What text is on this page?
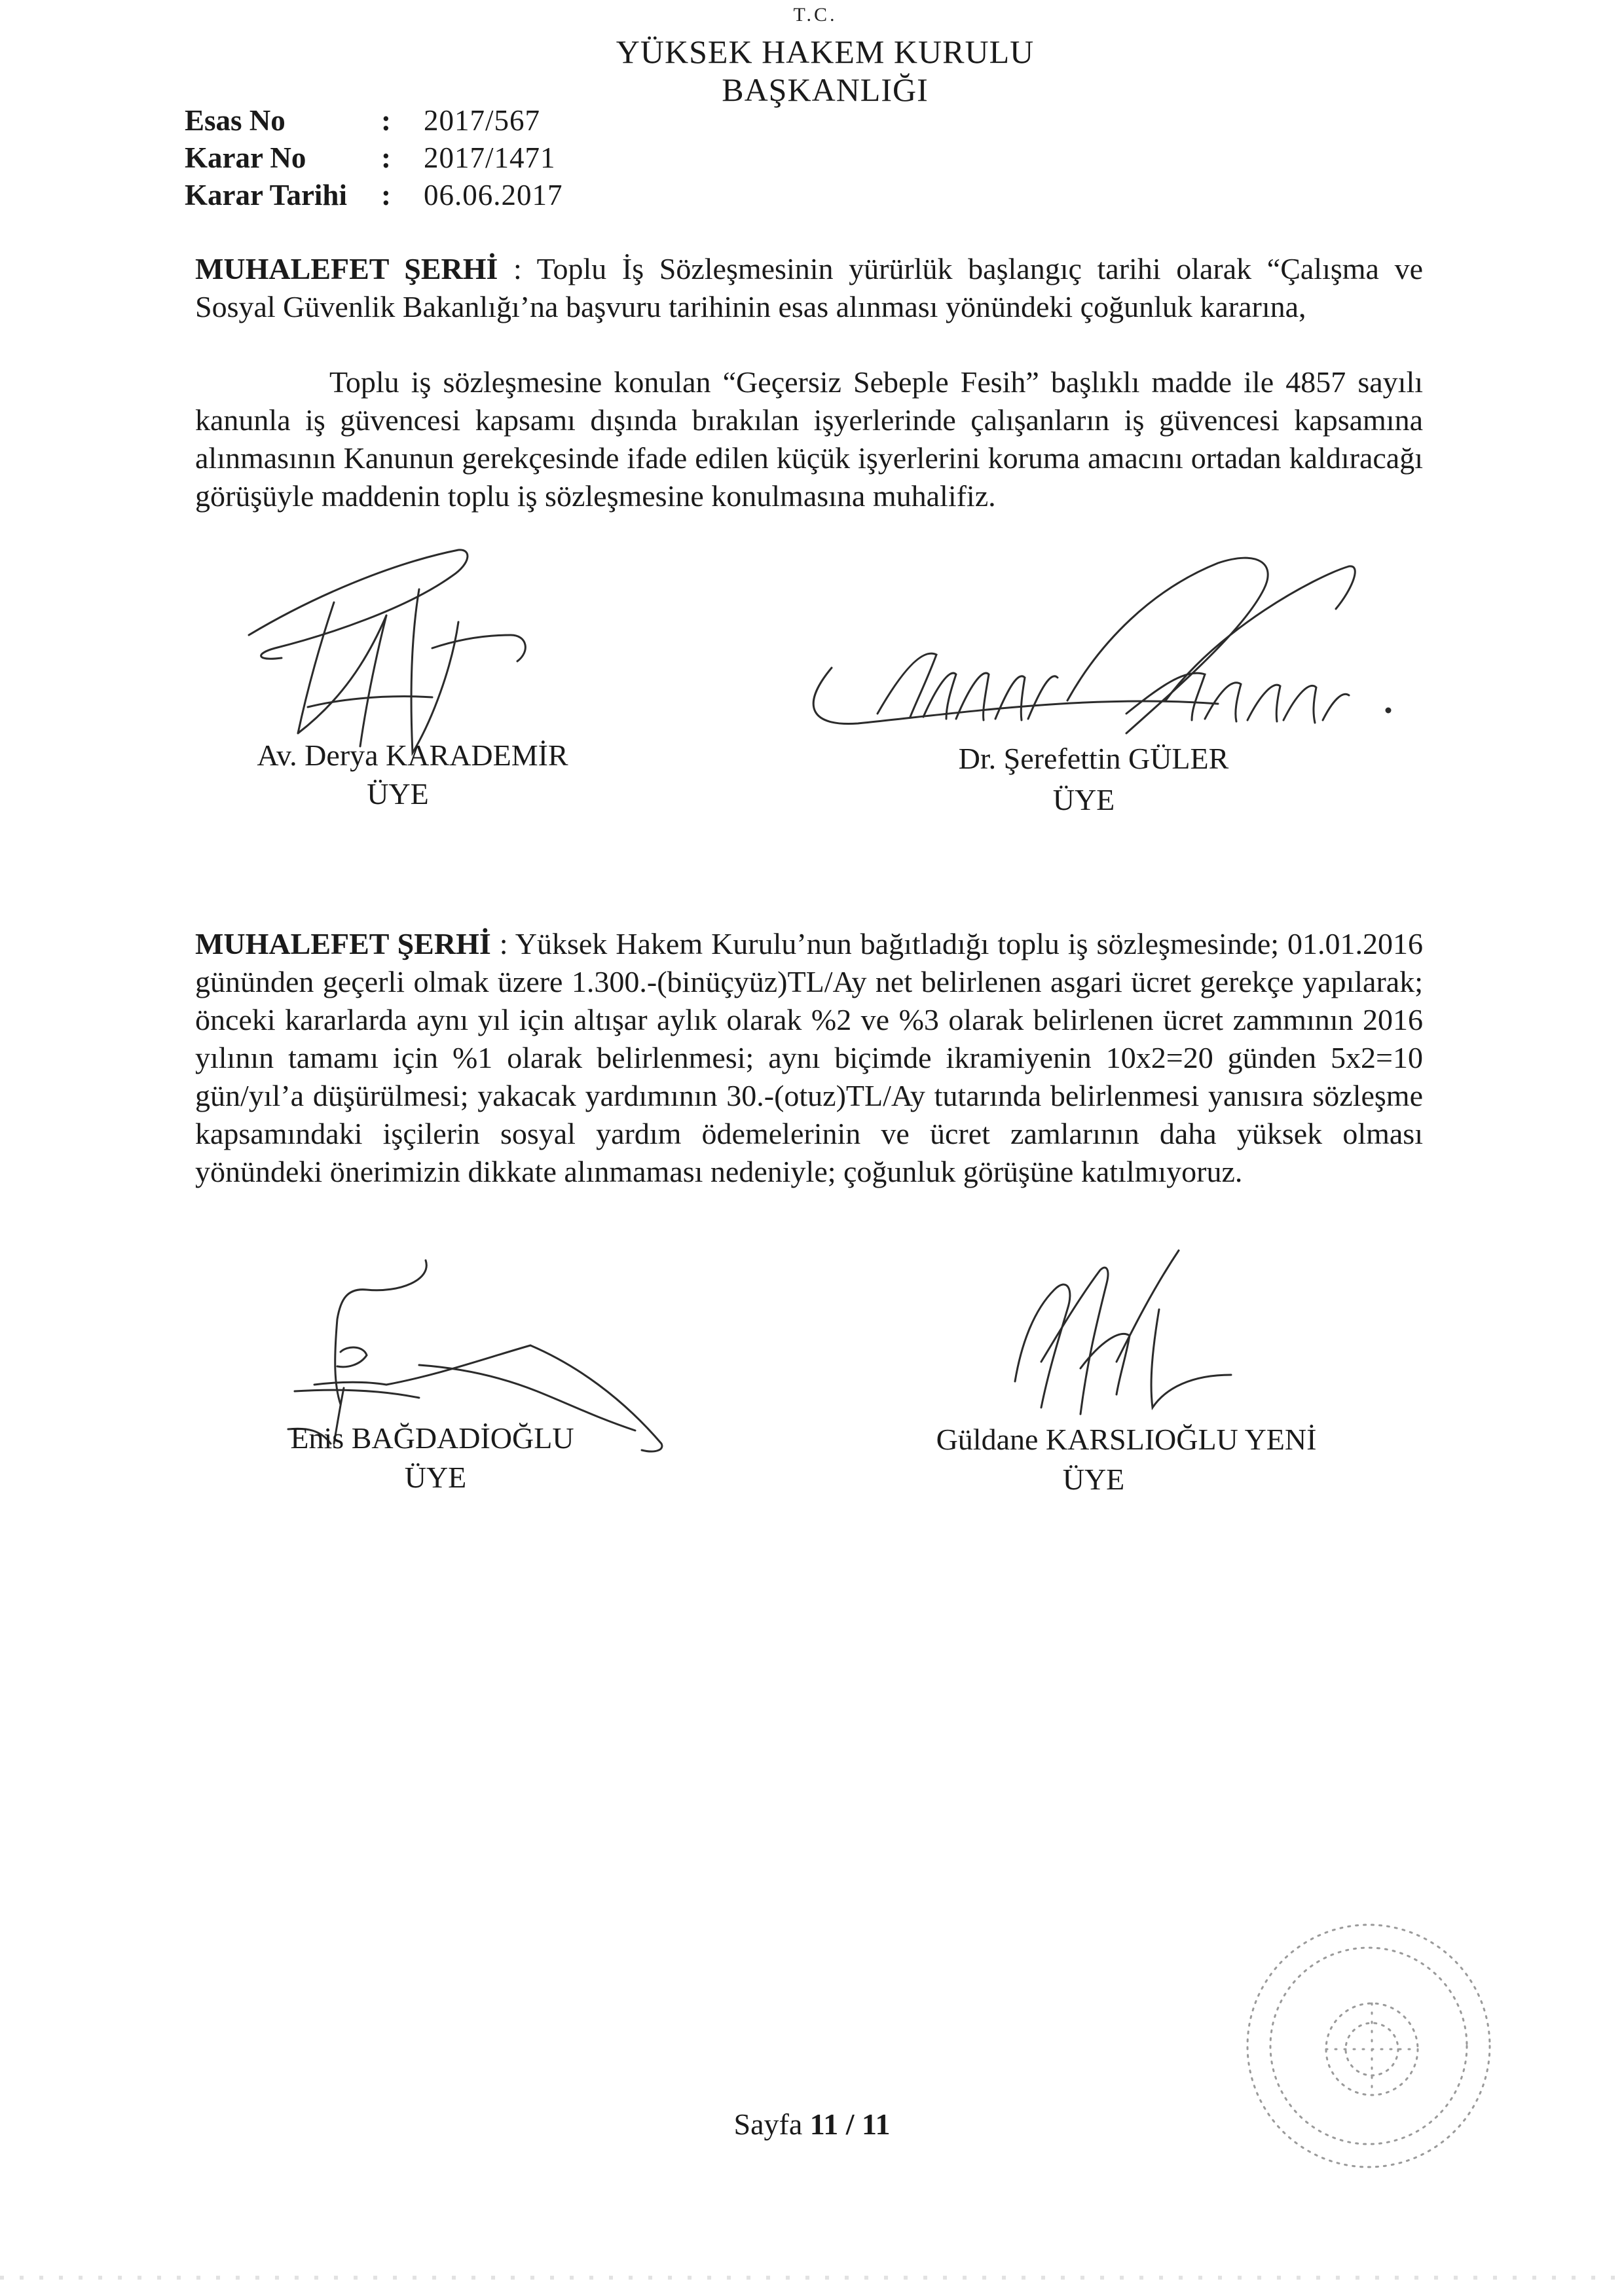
T.C.
YÜKSEK HAKEM KURULU
BAŞKANLIĞI
Esas No	:	2017/567
Karar No	:	2017/1471
Karar Tarihi	:	06.06.2017
MUHALEFET ŞERHİ : Toplu İş Sözleşmesinin yürürlük başlangıç tarihi olarak “Çalışma ve Sosyal Güvenlik Bakanlığı’na başvuru tarihinin esas alınması yönündeki çoğunluk kararına,
Toplu iş sözleşmesine konulan “Geçersiz Sebeple Fesih” başlıklı madde ile 4857 sayılı kanunla iş güvencesi kapsamı dışında bırakılan işyerlerinde çalışanların iş güvencesi kapsamına alınmasının Kanunun gerekçesinde ifade edilen küçük işyerlerini koruma amacını ortadan kaldıracağı görüşüyle maddenin toplu iş sözleşmesine konulmasına muhalifiz.
Av. Derya KARADEMİR
ÜYE
Dr. Şerefettin GÜLER
ÜYE
MUHALEFET ŞERHİ : Yüksek Hakem Kurulu’nun bağıtladığı toplu iş sözleşmesinde; 01.01.2016 gününden geçerli olmak üzere 1.300.-(binüçyüz)TL/Ay net belirlenen asgari ücret gerekçe yapılarak; önceki kararlarda aynı yıl için altışar aylık olarak %2 ve %3 olarak belirlenen ücret zammının 2016 yılının tamamı için %1 olarak belirlenmesi; aynı biçimde ikramiyenin 10x2=20 günden 5x2=10 gün/yıl’a düşürülmesi; yakacak yardımının 30.-(otuz)TL/Ay tutarında belirlenmesi yanısıra sözleşme kapsamındaki işçilerin sosyal yardım ödemelerinin ve ücret zamlarının daha yüksek olması yönündeki önerimizin dikkate alınmaması nedeniyle; çoğunluk görüşüne katılmıyoruz.
Enis BAĞDADİOĞLU
ÜYE
Güldane KARSLIOĞLU YENİ
ÜYE
Sayfa 11 / 11
